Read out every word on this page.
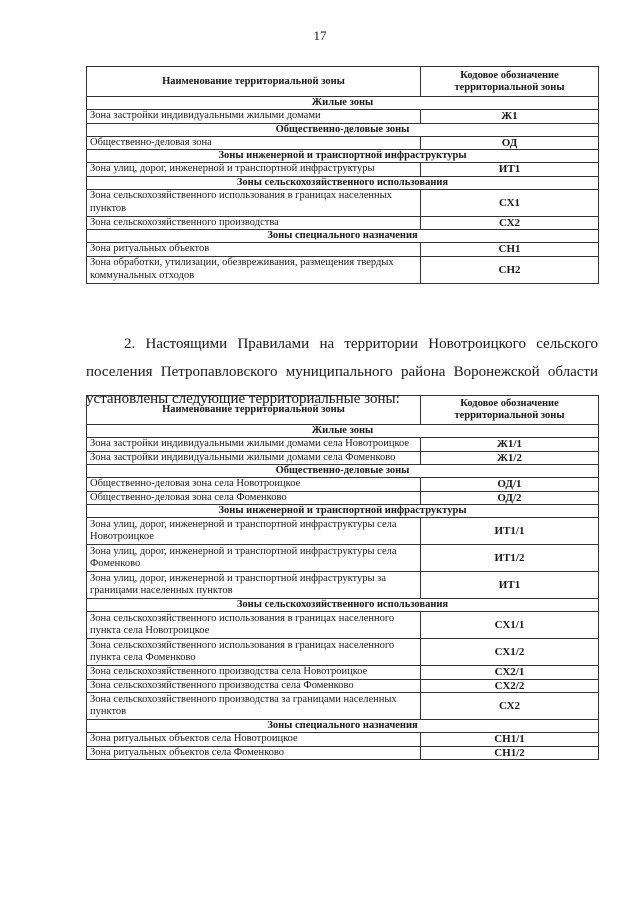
17
Наименование территориальной зоны	Кодовое обозначение территориальной зоны
Жилые зоны	
Зона застройки индивидуальными жилыми домами	Ж1
Общественно-деловые зоны	
Общественно-деловая зона	ОД
Зоны инженерной и транспортной инфраструктуры	
Зона улиц, дорог, инженерной и транспортной инфраструктуры	ИТ1
Зоны сельскохозяйственного использования	
Зона сельскохозяйственного использования в границах населенных пунктов	СХ1
Зона сельскохозяйственного производства	СХ2
Зоны специального назначения	
Зона ритуальных объектов	СН1
Зона обработки, утилизации, обезвреживания, размещения твердых коммунальных отходов	СН2

2. Настоящими Правилами на территории Новотроицкого сельского поселения Петропавловского муниципального района Воронежской области установлены следующие территориальные зоны:

Наименование территориальной зоны	Кодовое обозначение территориальной зоны
Жилые зоны	
Зона застройки индивидуальными жилыми домами села Новотроицкое	Ж1/1
Зона застройки индивидуальными жилыми домами села Фоменково	Ж1/2
Общественно-деловые зоны	
Общественно-деловая зона села Новотроицкое	ОД/1
Общественно-деловая зона села Фоменково	ОД/2
Зоны инженерной и транспортной инфраструктуры	
Зона улиц, дорог, инженерной и транспортной инфраструктуры села Новотроицкое	ИТ1/1
Зона улиц, дорог, инженерной и транспортной инфраструктуры села Фоменково	ИТ1/2
Зона улиц, дорог, инженерной и транспортной инфраструктуры за границами населенных пунктов	ИТ1
Зоны сельскохозяйственного использования	
Зона сельскохозяйственного использования в границах населенного пункта села Новотроицкое	СХ1/1
Зона сельскохозяйственного использования в границах населенного пункта села Фоменково	СХ1/2
Зона сельскохозяйственного производства села Новотроицкое	СХ2/1
Зона сельскохозяйственного производства села Фоменково	СХ2/2
Зона сельскохозяйственного производства за границами населенных пунктов	СХ2
Зоны специального назначения	
Зона ритуальных объектов села Новотроицкое	СН1/1
Зона ритуальных объектов села Фоменково	СН1/2
